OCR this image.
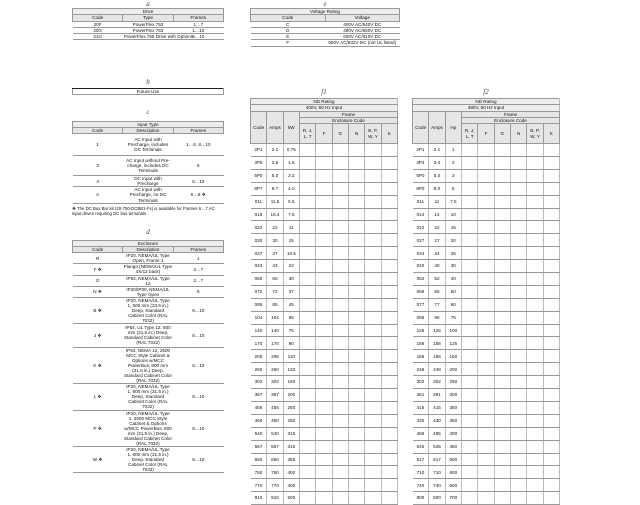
a
Drive		
Code	Type	Frames
20F	PowerFlex 753	1…7
20G	PowerFlex 753	1…10
21G	PowerFlex 755 Drive with Options	6…10
b
Future Use
c
Input Type		
Code	Description	Frames
1	AC Input with Precharge, includes DC Terminals	1…6, 8…10
3	AC Input without Pre-charge, includes DC Terminals	5
4	DC Input with Precharge	5…10
A	AC Input with Precharge, no DC Terminals	6…8 ❖
❖ The DC Bus Bar kit (20-750-DCBB1-Fx) is available for Frames 6…7 AC input drives requiring DC bus terminals.
d
Enclosure		
Code	Description	Frames
R	IP20, NEMA/UL Type Open, Frame 1	1
F ❖	Flange (NEMA/UL Type 4X/12 back)	2…7
G	IP54, NEMA/UL Type 12	2…7
N ❖	IP20/IP00, NEMA/UL Type Open	8
B ❖	IP20, NEMA/UL Type 1, 600 mm (23.6 in.) Deep, Standard Cabinet Color (RAL 7032)	8…10
J ❖	IP54, UL Type 12, 800 mm (31.5 in.) Deep, Standard Cabinet Color (RAL 7032)	8…10
K ❖	IP54, NEMA 12, 2500 MCC Style Cabinet & Options w/MCC PowerBus, 800 mm (31.5 in.) Deep, Standard Cabinet Color (RAL 7032)	8…10
L ❖	IP20, NEMA/UL Type 1, 800 mm (31.5 in.) Deep, Standard Cabinet Color (RAL 7032)	8…10
P ❖	IP20, NEMA/UL Type 1, 2500 MCC Style Cabinet & Options w/MCC PowerBus, 800 mm (31.5 in.) Deep, Standard Cabinet Color (RAL 7032)	8…10
W ❖	IP20, NEMA/UL Type 1, 800 mm (31.5 in.) Deep, Standard Cabinet Color (RAL 7032)	8…10
e
Voltage Rating	
Code	Voltage
C	400V AC/540V DC
D	480V AC/650V DC
E	600V AC/810V DC
F	690V AC/932V DC (not UL listed)
f1
ND Rating								
400V, 50 Hz Input								
Code	Amps	kW	Frame					
			Enclosure Code					
			R, J, L, T	F	G	N	B, P, W, Y	K
2P1	2.1	0.75						
3P5	3.5	1.5						
5P0	5.0	2.2						
8P7	8.7	4.0						
011	11.5	5.5						
015	15.4	7.5						
022	22	11						
030	30	15						
037	37	18.5						
043	43	22						
060	60	30						
072	72	37						
085	85	45						
104	104	55						
140	140	75						
170	170	90						
205	205	110						
260	260	132						
302	302	160						
367	367	200						
456	456	250						
460	460	250						
540	540	315						
567	567	315						
650	650	355						
750	750	400						
770	770	400						
910	910	500						
f2
ND Rating								
480V, 60 Hz Input								
Code	Amps	Hp	Frame					
			Enclosure Code					
			R, J, L, T	F	G	N	B, P, W, Y	K
2P1	2.1	1						
3P4	3.4	2						
5P0	5.0	3						
8P0	8.0	5						
011	11	7.5						
014	14	10						
022	22	15						
027	27	20						
034	34	25						
040	40	30						
052	52	40						
065	65	50						
077	77	60						
096	96	75						
125	125	100						
156	156	125						
186	186	150						
248	248	200						
302	302	250						
361	361	300						
415	415	350						
430	430	350						
485	485	400						
545	545	450						
617	617	500						
710	710	600						
740	740	600						
800	800	700						
